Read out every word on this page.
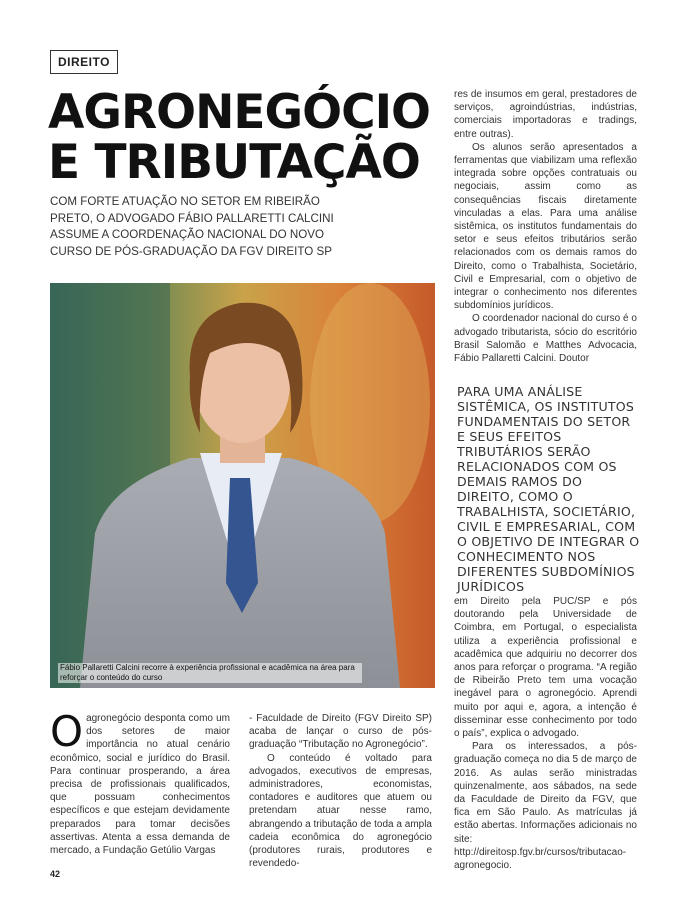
DIREITO
AGRONEGÓCIO
E TRIBUTAÇÃO

COM FORTE ATUAÇÃO NO SETOR EM RIBEIRÃO PRETO, O ADVOGADO FÁBIO PALLARETTI CALCINI ASSUME A COORDENAÇÃO NACIONAL DO NOVO CURSO DE PÓS-GRADUAÇÃO DA FGV DIREITO SP

Fábio Pallaretti Calcini recorre à experiência profissional e acadêmica na área para reforçar o conteúdo do curso

Oagronegócio desponta como um dos setores de maior importância no atual cenário econômico, social e jurídico do Brasil. Para continuar prosperando, a área precisa de profissionais qualificados, que possuam conhecimentos específicos e que estejam devidamente preparados para tomar decisões assertivas. Atenta a essa demanda de mercado, a Fundação Getúlio Vargas

- Faculdade de Direito (FGV Direito SP) acaba de lançar o curso de pós-graduação “Tributação no Agronegócio”.

O conteúdo é voltado para advogados, executivos de empresas, administradores, economistas, contadores e auditores que atuem ou pretendam atuar nesse ramo, abrangendo a tributação de toda a ampla cadeia econômica do agronegócio (produtores rurais, produtores e revendedo-

res de insumos em geral, prestadores de serviços, agroindústrias, indústrias, comerciais importadoras e tradings, entre outras).

Os alunos serão apresentados a ferramentas que viabilizam uma reflexão integrada sobre opções contratuais ou negociais, assim como as consequências fiscais diretamente vinculadas a elas. Para uma análise sistêmica, os institutos fundamentais do setor e seus efeitos tributários serão relacionados com os demais ramos do Direito, como o Trabalhista, Societário, Civil e Empresarial, com o objetivo de integrar o conhecimento nos diferentes subdomínios jurídicos.

O coordenador nacional do curso é o advogado tributarista, sócio do escritório Brasil Salomão e Matthes Advocacia, Fábio Pallaretti Calcini. Doutor

PARA UMA ANÁLISE SISTÊMICA, OS INSTITUTOS FUNDAMENTAIS DO SETOR E SEUS EFEITOS TRIBUTÁRIOS SERÃO RELACIONADOS COM OS DEMAIS RAMOS DO DIREITO, COMO O TRABALHISTA, SOCIETÁRIO, CIVIL E EMPRESARIAL, COM O OBJETIVO DE INTEGRAR O CONHECIMENTO NOS DIFERENTES SUBDOMÍNIOS JURÍDICOS

em Direito pela PUC/SP e pós doutorando pela Universidade de Coimbra, em Portugal, o especialista utiliza a experiência profissional e acadêmica que adquiriu no decorrer dos anos para reforçar o programa. “A região de Ribeirão Preto tem uma vocação inegável para o agronegócio. Aprendi muito por aqui e, agora, a intenção é disseminar esse conhecimento por todo o país”, explica o advogado.

Para os interessados, a pós-graduação começa no dia 5 de março de 2016. As aulas serão ministradas quinzenalmente, aos sábados, na sede da Faculdade de Direito da FGV, que fica em São Paulo. As matrículas já estão abertas. Informações adicionais no site: http://direitosp.fgv.br/cursos/tributacao-agronegocio.

42
